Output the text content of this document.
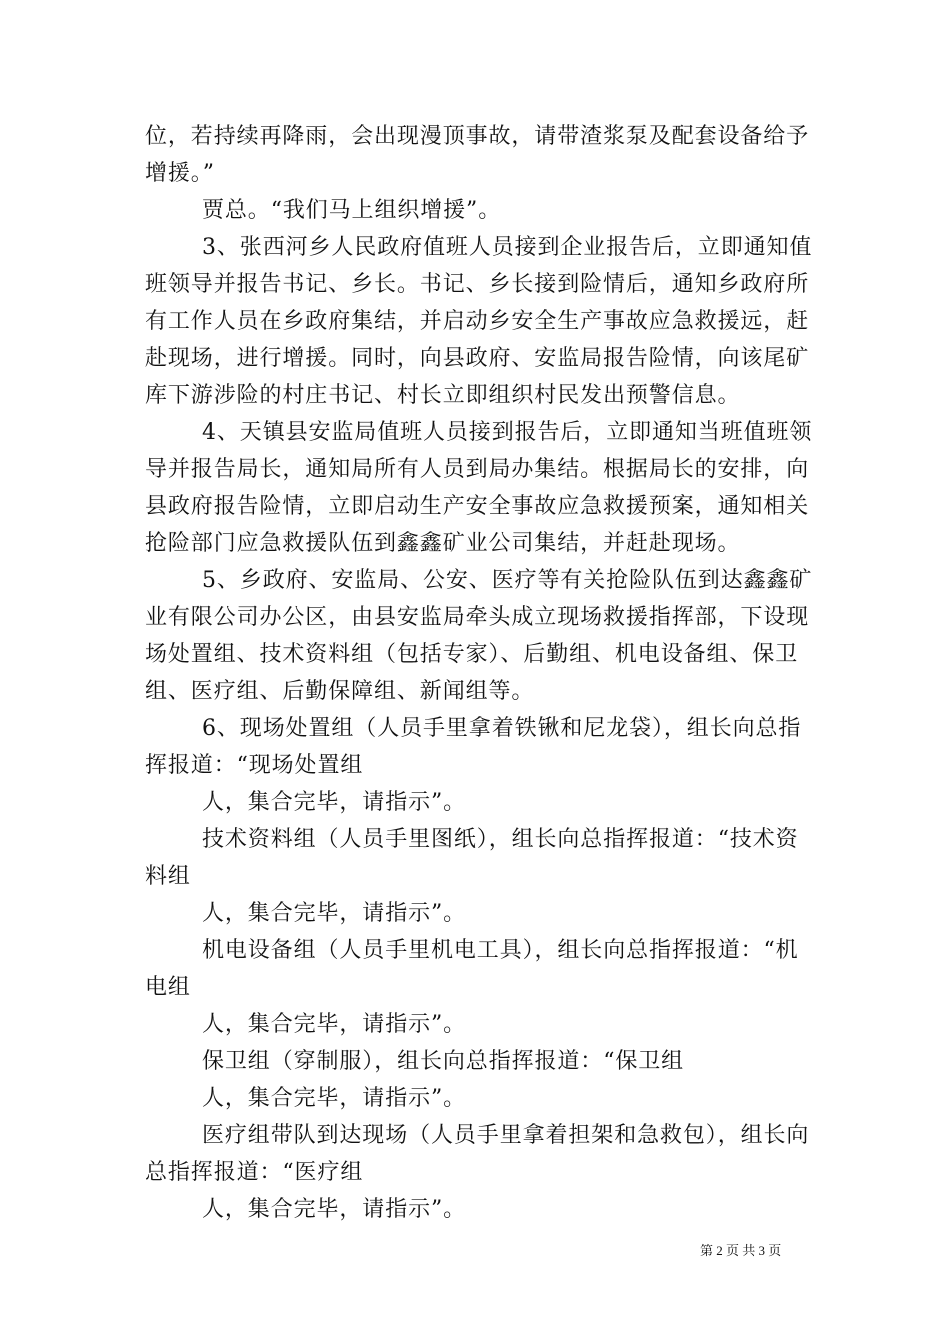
位，若持续再降雨，会出现漫顶事故，请带渣浆泵及配套设备给予
增援。”
贾总。“我们马上组织增援”。
3、张西河乡人民政府值班人员接到企业报告后，立即通知值
班领导并报告书记、乡长。书记、乡长接到险情后，通知乡政府所
有工作人员在乡政府集结，并启动乡安全生产事故应急救援远，赶
赴现场，进行增援。同时，向县政府、安监局报告险情，向该尾矿
库下游涉险的村庄书记、村长立即组织村民发出预警信息。
4、天镇县安监局值班人员接到报告后，立即通知当班值班领
导并报告局长，通知局所有人员到局办集结。根据局长的安排，向
县政府报告险情，立即启动生产安全事故应急救援预案，通知相关
抢险部门应急救援队伍到鑫鑫矿业公司集结，并赶赴现场。
5、乡政府、安监局、公安、医疗等有关抢险队伍到达鑫鑫矿
业有限公司办公区，由县安监局牵头成立现场救援指挥部，下设现
场处置组、技术资料组（包括专家）、后勤组、机电设备组、保卫
组、医疗组、后勤保障组、新闻组等。
6、现场处置组（人员手里拿着铁锹和尼龙袋），组长向总指
挥报道：“现场处置组
人，集合完毕，请指示”。
技术资料组（人员手里图纸），组长向总指挥报道：“技术资
料组
人，集合完毕，请指示”。
机电设备组（人员手里机电工具），组长向总指挥报道：“机
电组
人，集合完毕，请指示”。
保卫组（穿制服），组长向总指挥报道：“保卫组
人，集合完毕，请指示”。
医疗组带队到达现场（人员手里拿着担架和急救包），组长向
总指挥报道：“医疗组
人，集合完毕，请指示”。
第 2 页 共 3 页
